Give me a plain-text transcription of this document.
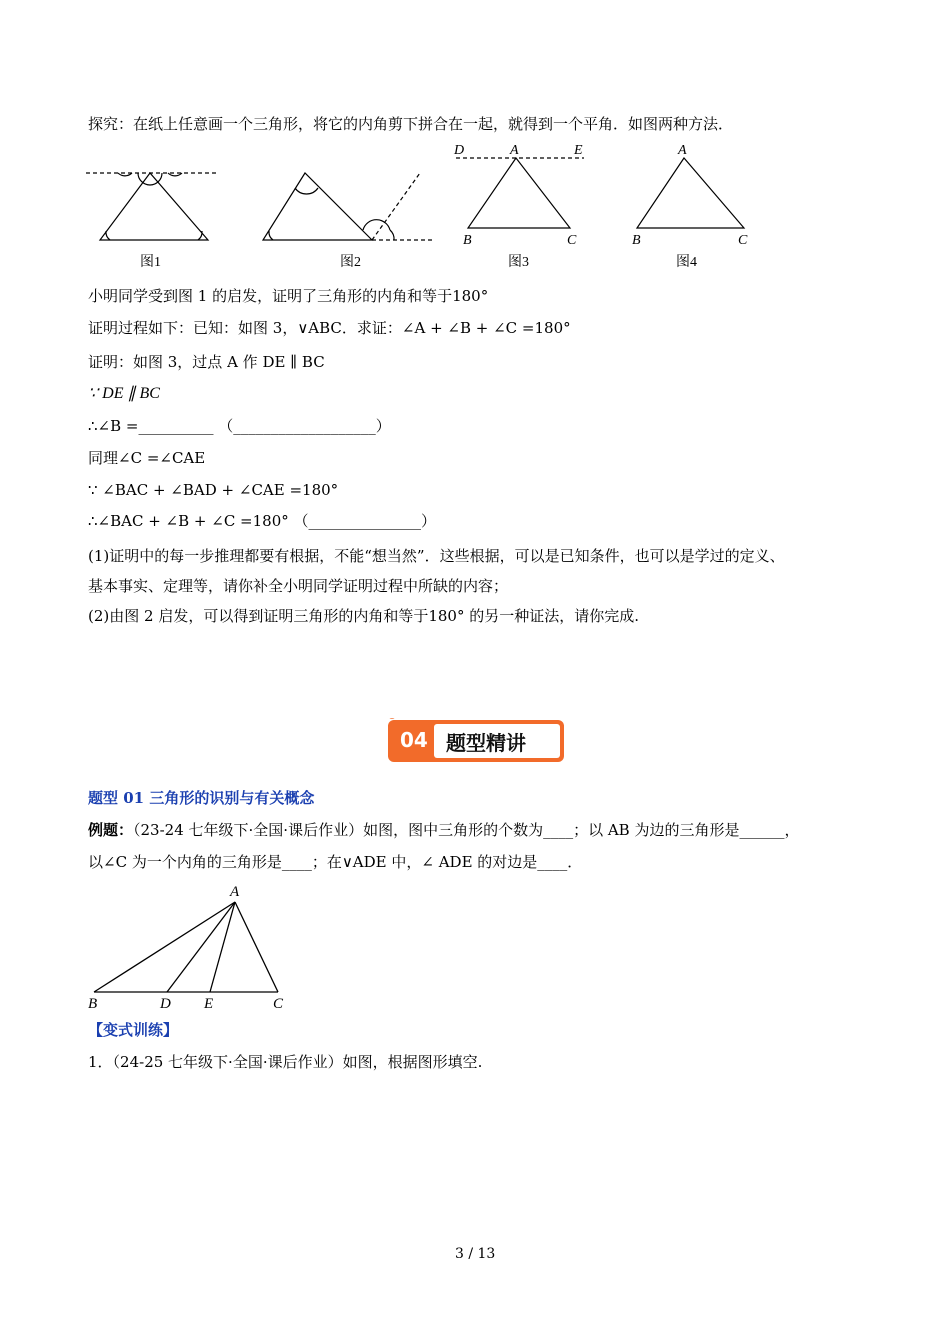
探究：在纸上任意画一个三角形，将它的内角剪下拼合在一起，就得到一个平角．如图两种方法．
图1	图2
D	A	E
B	C
图3
A
B	C
图4
小明同学受到图 1 的启发，证明了三角形的内角和等于180°
证明过程如下：已知：如图 3，∨ABC．求证：∠A + ∠B + ∠C =180°
证明：如图 3，过点 A 作 DE ∥ BC
∵ DE ∥ BC
∴∠B =__________ （___________________）
同理∠C =∠CAE
∵ ∠BAC + ∠BAD + ∠CAE =180°
∴∠BAC + ∠B + ∠C =180° （_______________）
(1)证明中的每一步推理都要有根据，不能“想当然”．这些根据，可以是已知条件，也可以是学过的定义、
基本事实、定理等，请你补全小明同学证明过程中所缺的内容；
(2)由图 2 启发，可以得到证明三角形的内角和等于180° 的另一种证法，请你完成.
04 题型精讲
题型 01 三角形的识别与有关概念
例题：（23-24 七年级下·全国·课后作业）如图，图中三角形的个数为____；以 AB 为边的三角形是______，
以∠C 为一个内角的三角形是____；在∨ADE 中，∠ ADE 的对边是____．
A
B	D E	C
【变式训练】
1．（24-25 七年级下·全国·课后作业）如图，根据图形填空.
3 / 13
